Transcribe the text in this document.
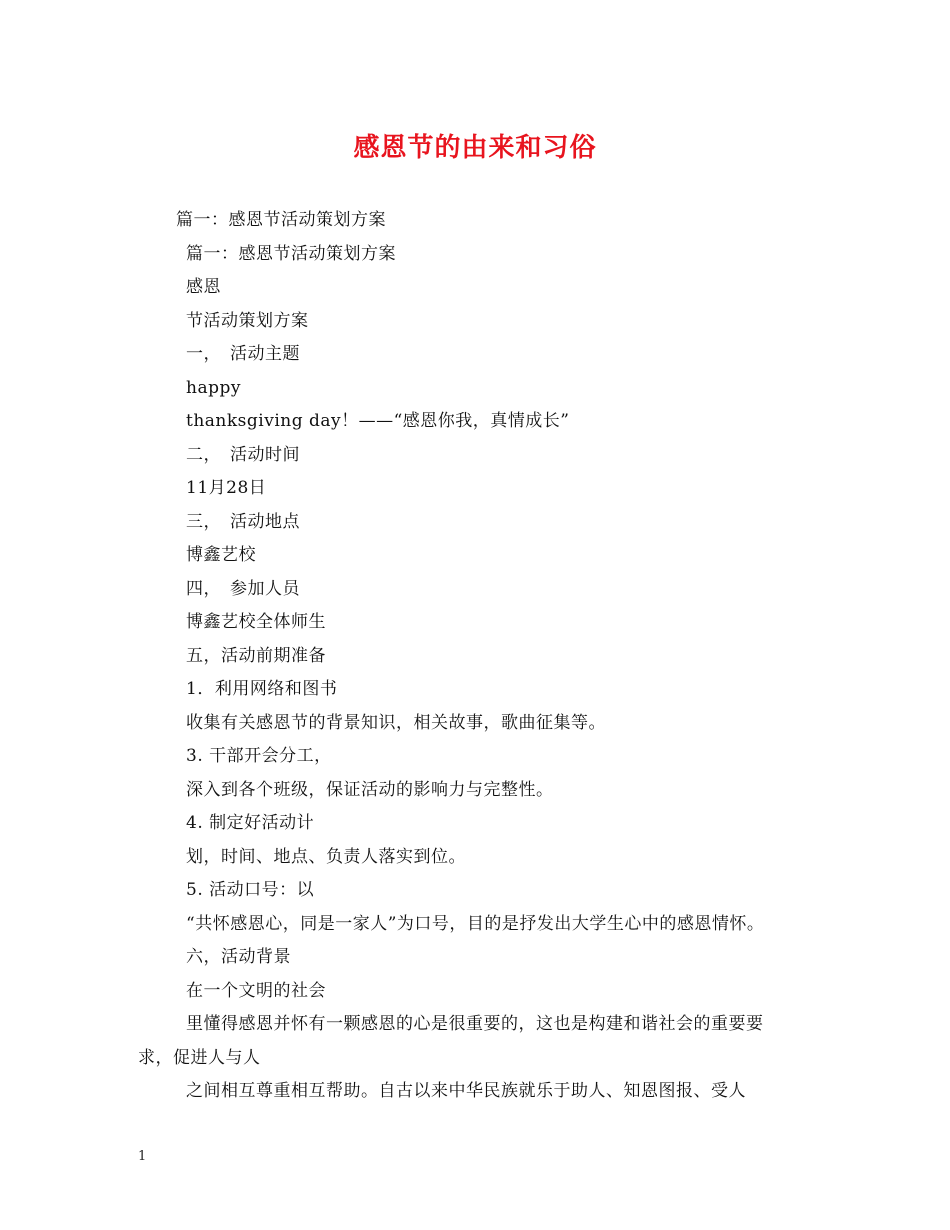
感恩节的由来和习俗
篇一：感恩节活动策划方案
篇一：感恩节活动策划方案
感恩
节活动策划方案
一，　活动主题
happy
thanksgiving day！——“感恩你我，真情成长”
二，　活动时间
11月28日
三，　活动地点
博鑫艺校
四，　参加人员
博鑫艺校全体师生
五，活动前期准备
1．利用网络和图书
收集有关感恩节的背景知识，相关故事，歌曲征集等。
3. 干部开会分工，
深入到各个班级，保证活动的影响力与完整性。
4. 制定好活动计
划，时间、地点、负责人落实到位。
5. 活动口号：以
“共怀感恩心，同是一家人”为口号，目的是抒发出大学生心中的感恩情怀。
六，活动背景
在一个文明的社会
里懂得感恩并怀有一颗感恩的心是很重要的，这也是构建和谐社会的重要要
求，促进人与人
之间相互尊重相互帮助。自古以来中华民族就乐于助人、知恩图报、受人
1
